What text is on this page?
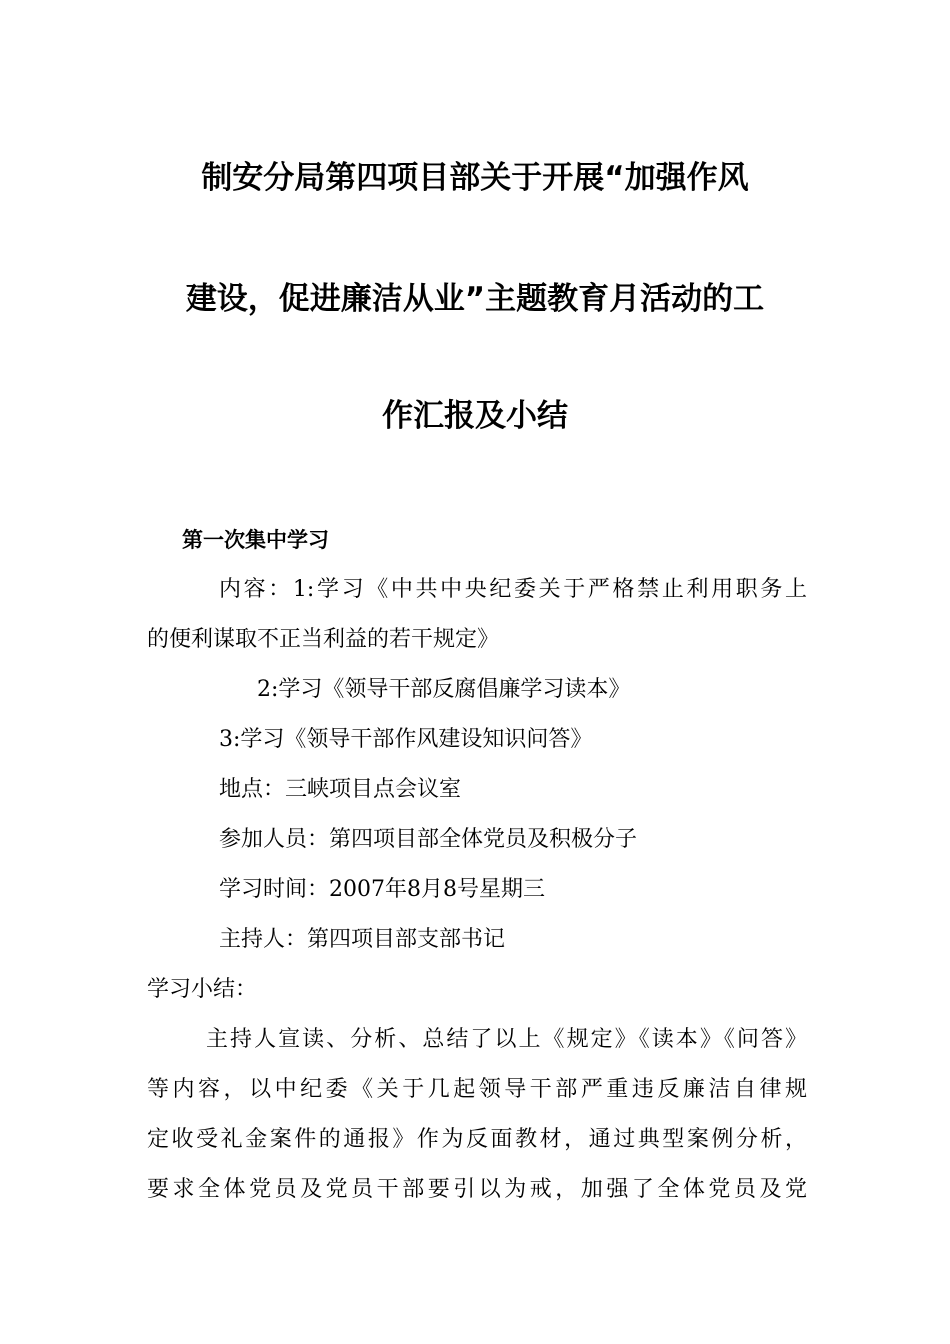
制安分局第四项目部关于开展“加强作风
建设，促进廉洁从业”主题教育月活动的工
作汇报及小结
第一次集中学习
内容：1:学习《中共中央纪委关于严格禁止利用职务上
的便利谋取不正当利益的若干规定》
2:学习《领导干部反腐倡廉学习读本》
3:学习《领导干部作风建设知识问答》
地点：三峡项目点会议室
参加人员：第四项目部全体党员及积极分子
学习时间：2007年8月8号星期三
主持人：第四项目部支部书记
学习小结：
主持人宣读、分析、总结了以上《规定》《读本》《问答》
等内容，以中纪委《关于几起领导干部严重违反廉洁自律规
定收受礼金案件的通报》作为反面教材，通过典型案例分析，
要求全体党员及党员干部要引以为戒，加强了全体党员及党
